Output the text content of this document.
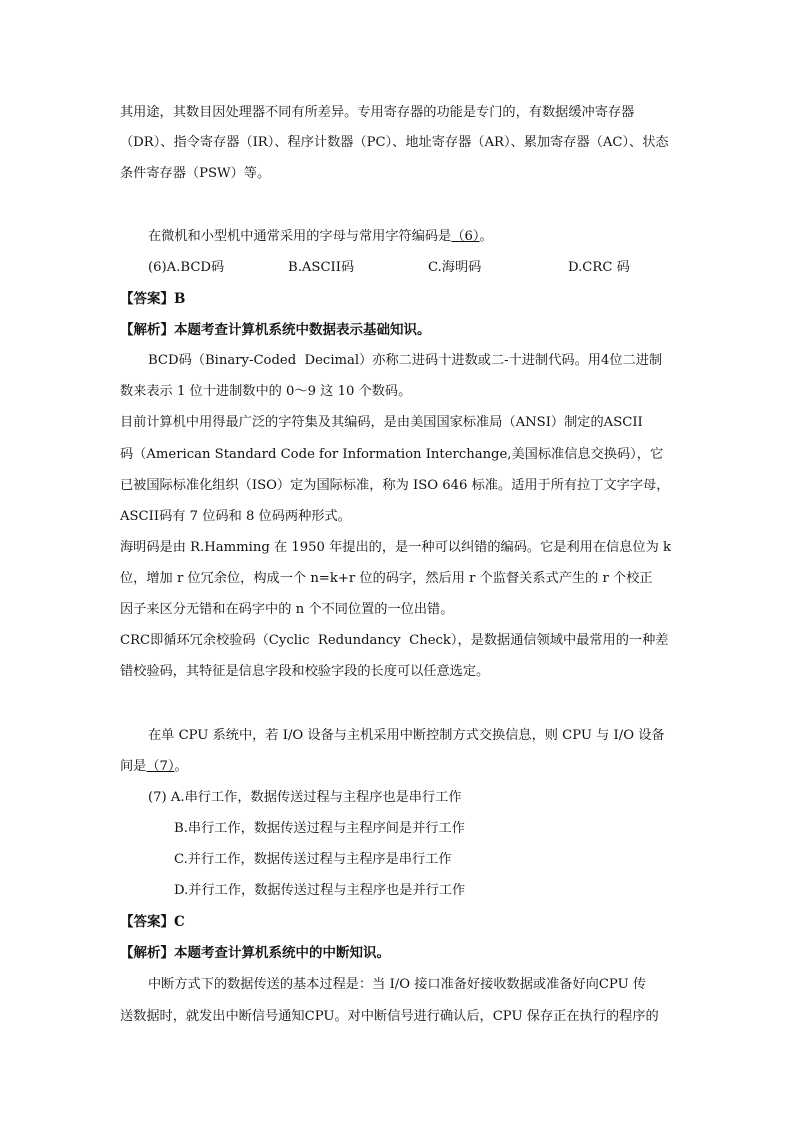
其用途，其数目因处理器不同有所差异。专用寄存器的功能是专门的，有数据缓冲寄存器
（DR）、指令寄存器（IR）、程序计数器（PC）、地址寄存器（AR）、累加寄存器（AC）、状态
条件寄存器（PSW）等。
在微机和小型机中通常采用的字母与常用字符编码是（6）。

(6)A.BCD码

	B.ASCII码

	C.海明码

	D.CRC 码

【答案】B
【解析】本题考查计算机系统中数据表示基础知识。
BCD码（Binary-Coded  Decimal）亦称二进码十进数或二-十进制代码。用4位二进制
数来表示 1 位十进制数中的 0～9 这 10 个数码。
目前计算机中用得最广泛的字符集及其编码，是由美国国家标准局（ANSI）制定的ASCII
码（American Standard Code for Information Interchange,美国标准信息交换码），它
已被国际标准化组织（ISO）定为国际标准，称为 ISO 646 标准。适用于所有拉丁文字字母，
ASCII码有 7 位码和 8 位码两种形式。
海明码是由 R.Hamming 在 1950 年提出的，是一种可以纠错的编码。它是利用在信息位为 k
位，增加 r 位冗余位，构成一个 n=k+r 位的码字，然后用 r 个监督关系式产生的 r 个校正
因子来区分无错和在码字中的 n 个不同位置的一位出错。
CRC即循环冗余校验码（Cyclic  Redundancy  Check），是数据通信领域中最常用的一种差
错校验码，其特征是信息字段和校验字段的长度可以任意选定。
在单 CPU 系统中，若 I/O 设备与主机采用中断控制方式交换信息，则 CPU 与 I/O 设备
间是（7）。
(7) A.串行工作，数据传送过程与主程序也是串行工作
B.串行工作，数据传送过程与主程序间是并行工作
C.并行工作，数据传送过程与主程序是串行工作
D.并行工作，数据传送过程与主程序也是并行工作
【答案】C
【解析】本题考查计算机系统中的中断知识。
中断方式下的数据传送的基本过程是：当 I/O 接口准备好接收数据或准备好向CPU 传
送数据时，就发出中断信号通知CPU。对中断信号进行确认后，CPU 保存正在执行的程序的
